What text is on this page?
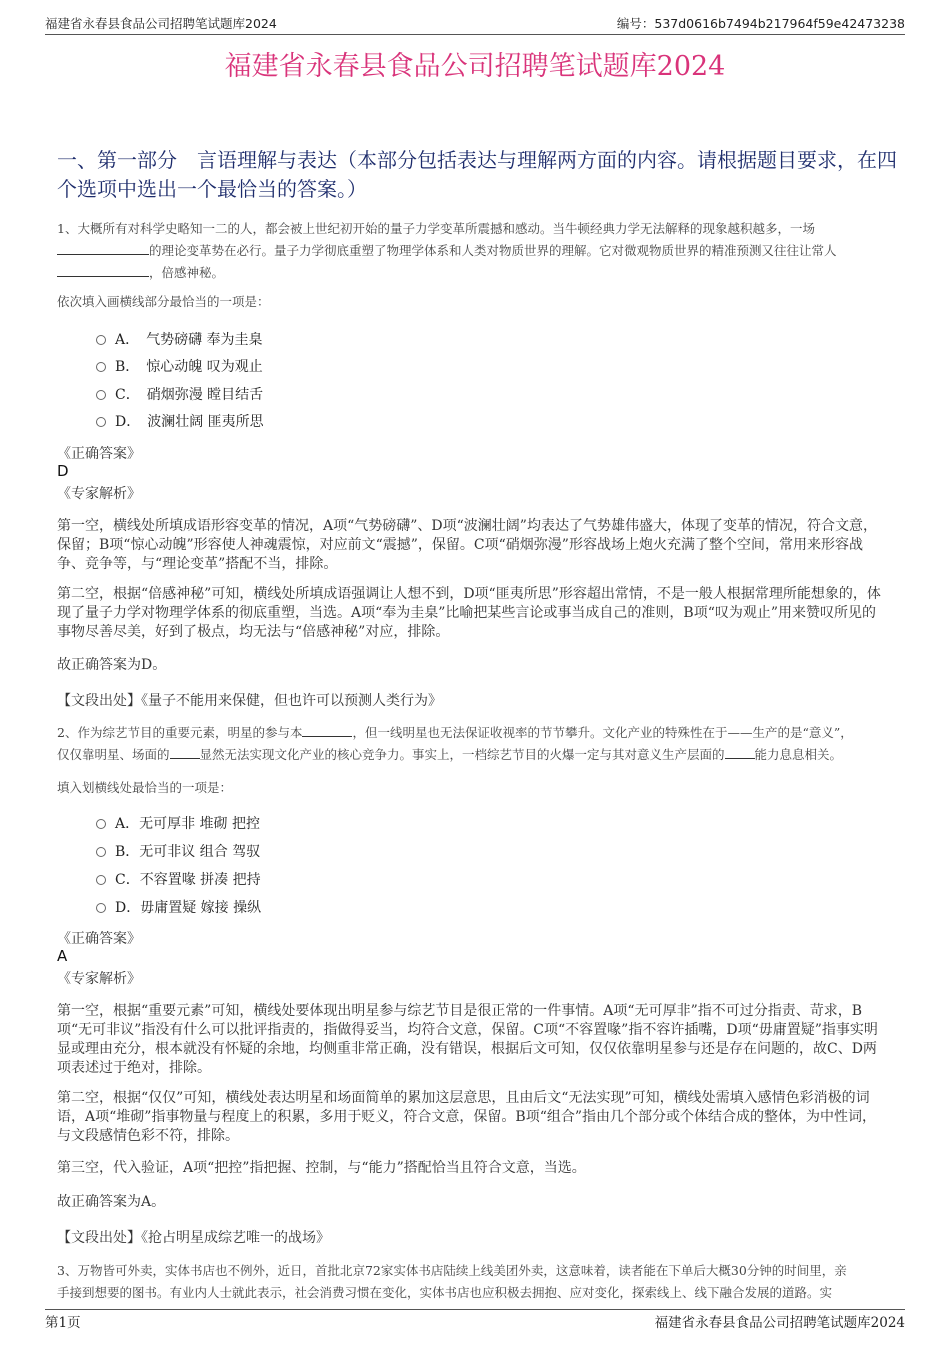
福建省永春县食品公司招聘笔试题库2024	编号：537d0616b7494b217964f59e42473238
福建省永春县食品公司招聘笔试题库2024
一、第一部分　言语理解与表达（本部分包括表达与理解两方面的内容。请根据题目要求，在四个选项中选出一个最恰当的答案。）
1、大概所有对科学史略知一二的人，都会被上世纪初开始的量子力学变革所震撼和感动。当牛顿经典力学无法解释的现象越积越多，一场
的理论变革势在必行。量子力学彻底重塑了物理学体系和人类对物质世界的理解。它对微观物质世界的精准预测又往往让常人
，倍感神秘。
依次填入画横线部分最恰当的一项是：
A．　气势磅礴 奉为圭臬
B．　惊心动魄 叹为观止
C．　硝烟弥漫 瞠目结舌
D．　波澜壮阔 匪夷所思
《正确答案》
D
《专家解析》
第一空，横线处所填成语形容变革的情况，A项“气势磅礴”、D项“波澜壮阔”均表达了气势雄伟盛大，体现了变革的情况，符合文意，保留；B项“惊心动魄”形容使人神魂震惊，对应前文“震撼”，保留。C项“硝烟弥漫”形容战场上炮火充满了整个空间，常用来形容战争、竞争等，与“理论变革”搭配不当，排除。
第二空，根据“倍感神秘”可知，横线处所填成语强调让人想不到，D项“匪夷所思”形容超出常情，不是一般人根据常理所能想象的，体现了量子力学对物理学体系的彻底重塑，当选。A项“奉为圭臬”比喻把某些言论或事当成自己的准则，B项“叹为观止”用来赞叹所见的事物尽善尽美，好到了极点，均无法与“倍感神秘”对应，排除。
故正确答案为D。
【文段出处】《量子不能用来保健，但也许可以预测人类行为》
2、作为综艺节目的重要元素，明星的参与本	，但一线明星也无法保证收视率的节节攀升。文化产业的特殊性在于——生产的是“意义”，
仅仅靠明星、场面的 显然无法实现文化产业的核心竞争力。事实上，一档综艺节目的火爆一定与其对意义生产层面的 能力息息相关。
填入划横线处最恰当的一项是：
A．无可厚非 堆砌 把控
B．无可非议 组合 驾驭
C．不容置喙 拼凑 把持
D．毋庸置疑 嫁接 操纵
《正确答案》
A
《专家解析》
第一空，根据“重要元素”可知，横线处要体现出明星参与综艺节目是很正常的一件事情。A项“无可厚非”指不可过分指责、苛求，B项“无可非议”指没有什么可以批评指责的，指做得妥当，均符合文意，保留。C项“不容置喙”指不容许插嘴，D项“毋庸置疑”指事实明显或理由充分，根本就没有怀疑的余地，均侧重非常正确，没有错误，根据后文可知，仅仅依靠明星参与还是存在问题的，故C、D两项表述过于绝对，排除。
第二空，根据“仅仅”可知，横线处表达明星和场面简单的累加这层意思，且由后文“无法实现”可知，横线处需填入感情色彩消极的词语，A项“堆砌”指事物量与程度上的积累，多用于贬义，符合文意，保留。B项“组合”指由几个部分或个体结合成的整体，为中性词，与文段感情色彩不符，排除。
第三空，代入验证，A项“把控”指把握、控制，与“能力”搭配恰当且符合文意，当选。
故正确答案为A。
【文段出处】《抢占明星成综艺唯一的战场》
3、万物皆可外卖，实体书店也不例外，近日，首批北京72家实体书店陆续上线美团外卖，这意味着，读者能在下单后大概30分钟的时间里，亲
手接到想要的图书。有业内人士就此表示，社会消费习惯在变化，实体书店也应积极去拥抱、应对变化，探索线上、线下融合发展的道路。实
第1页	福建省永春县食品公司招聘笔试题库2024
